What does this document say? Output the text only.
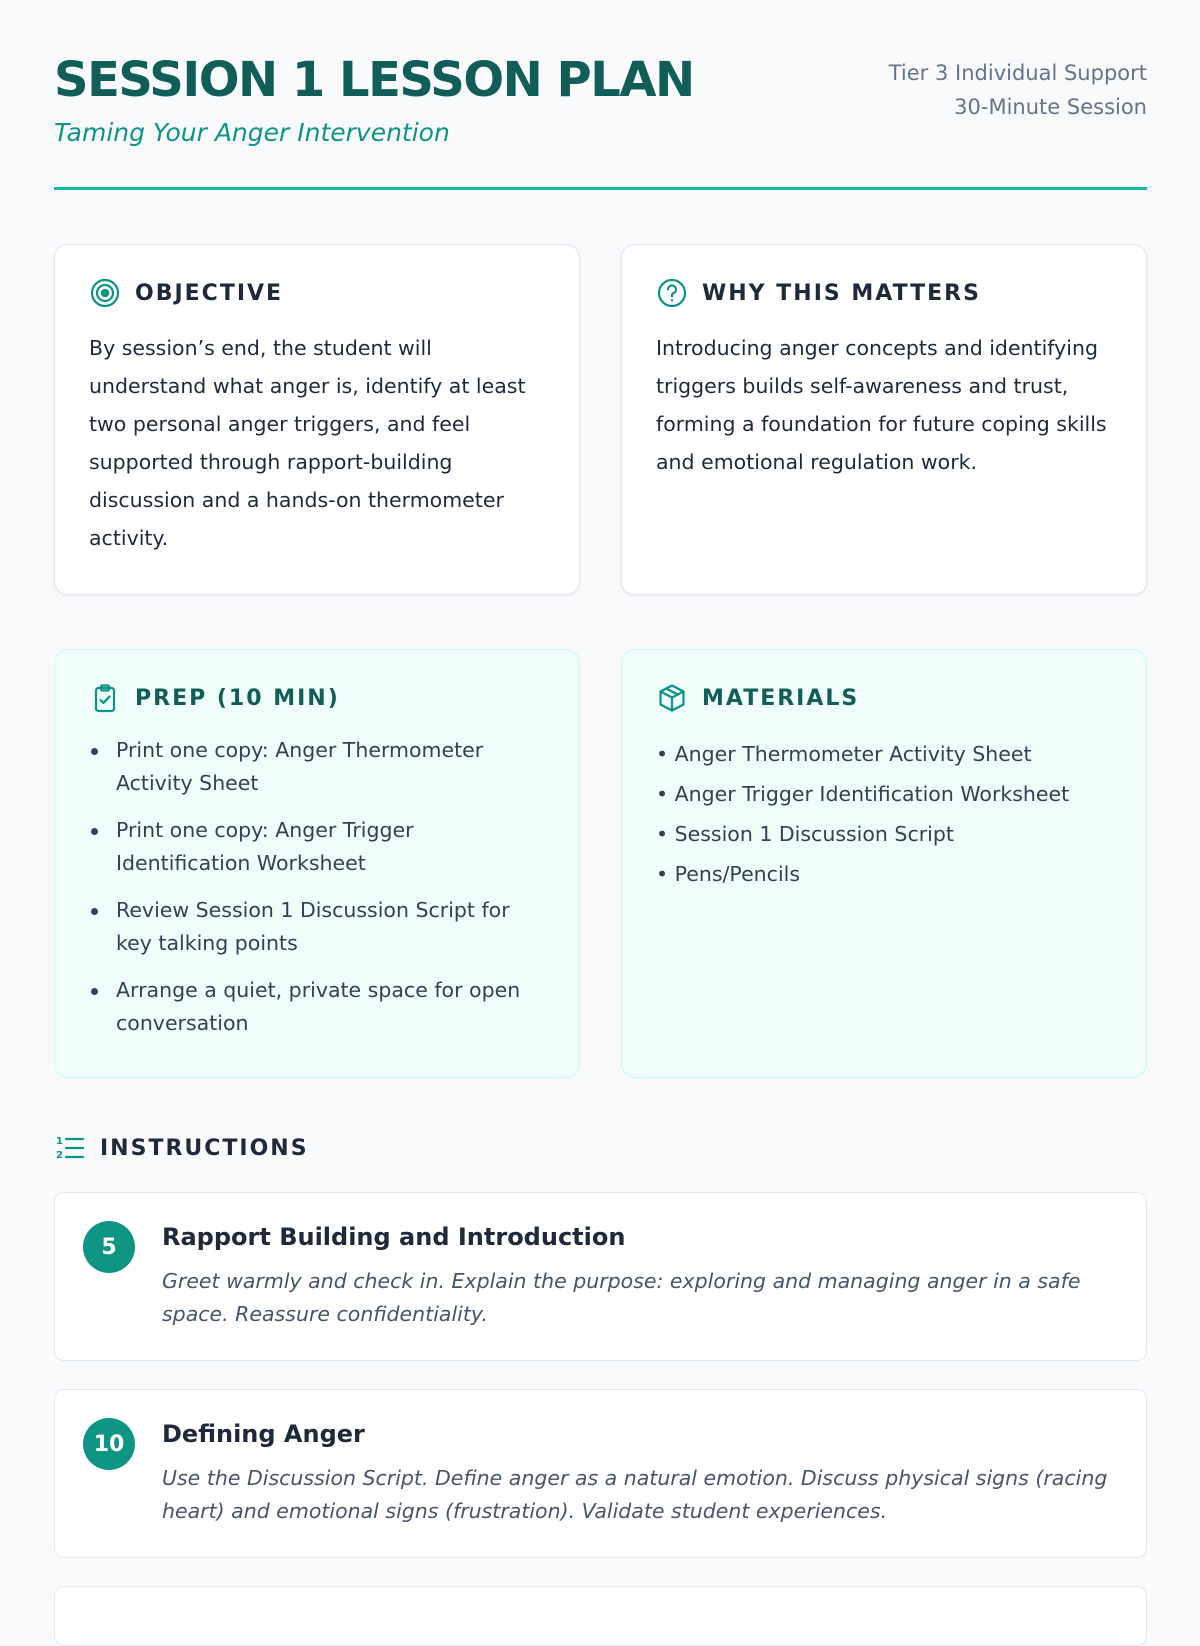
SESSION 1 LESSON PLAN
Taming Your Anger Intervention
Tier 3 Individual Support
30-Minute Session
OBJECTIVE
By session’s end, the student will understand what anger is, identify at least two personal anger triggers, and feel supported through rapport-building discussion and a hands-on thermometer activity.
WHY THIS MATTERS
Introducing anger concepts and identifying triggers builds self-awareness and trust, forming a foundation for future coping skills and emotional regulation work.
PREP (10 MIN)
Print one copy: Anger Thermometer Activity Sheet
Print one copy: Anger Trigger Identification Worksheet
Review Session 1 Discussion Script for key talking points
Arrange a quiet, private space for open conversation
MATERIALS
• Anger Thermometer Activity Sheet
• Anger Trigger Identification Worksheet
• Session 1 Discussion Script
• Pens/Pencils
1
2 INSTRUCTIONS
5	Rapport Building and Introduction
Greet warmly and check in. Explain the purpose: exploring and managing anger in a safe space. Reassure confidentiality.
10	Defining Anger
Use the Discussion Script. Define anger as a natural emotion. Discuss physical signs (racing heart) and emotional signs (frustration). Validate student experiences.
